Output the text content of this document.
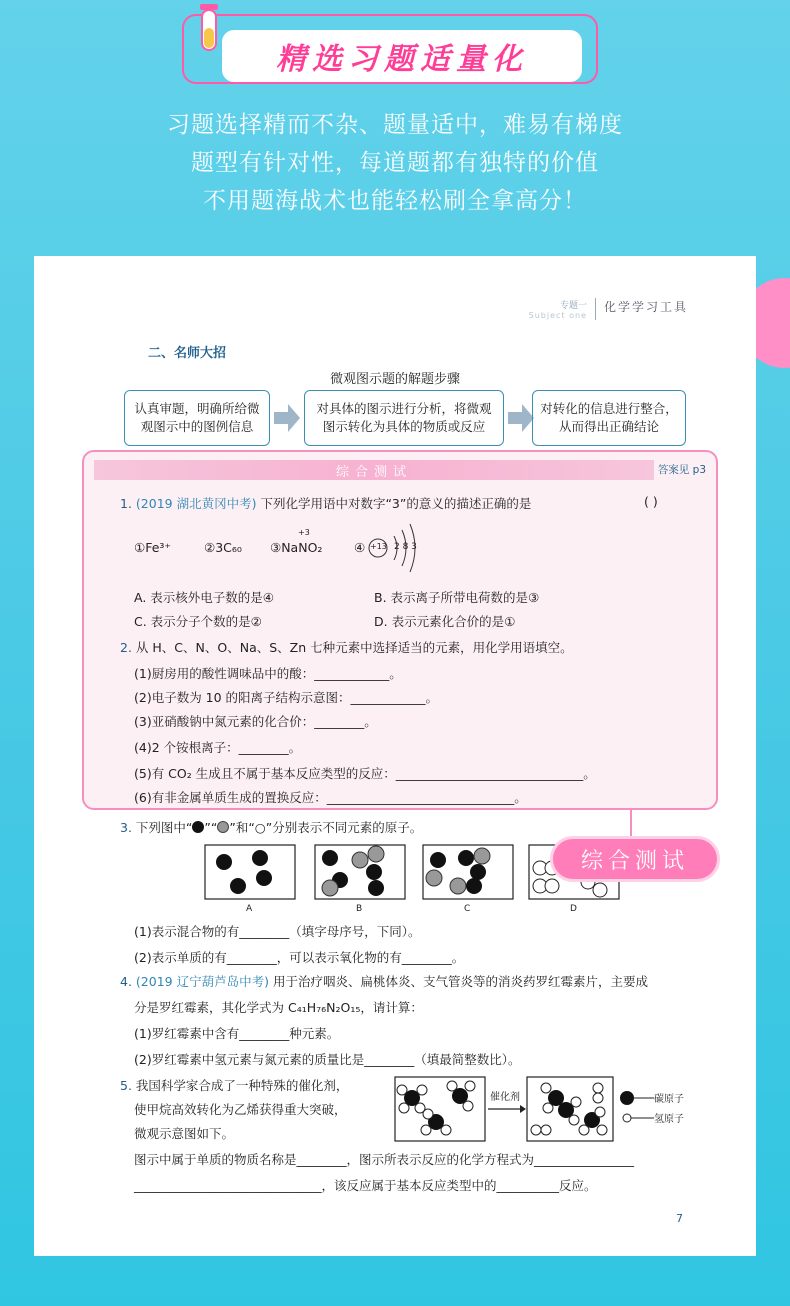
精选习题适量化
习题选择精而不杂、题量适中，难易有梯度
题型有针对性，每道题都有独特的价值
不用题海战术也能轻松刷全拿高分！
专题一
Subject one
化学学习工具
二、名师大招
微观图示题的解题步骤
认真审题，明确所给微观图示中的图例信息
对具体的图示进行分析，将微观图示转化为具体的物质或反应
对转化的信息进行整合，从而得出正确结论
综合测试	答案见 p3
1. (2019 湖北黄冈中考) 下列化学用语中对数字“3”的意义的描述正确的是	( )
①Fe³⁺	②3C₆₀ ③NaNO₂
+3
④ +13 2 8 3
A. 表示核外电子数的是④	B. 表示离子所带电荷数的是③
C. 表示分子个数的是②	D. 表示元素化合价的是①
2. 从 H、C、N、O、Na、S、Zn 七种元素中选择适当的元素，用化学用语填空。
(1)厨房用的酸性调味品中的酸：____________。
(2)电子数为 10 的阳离子结构示意图：____________。
(3)亚硝酸钠中氮元素的化合价：________。
(4)2 个铵根离子：________。
(5)有 CO₂ 生成且不属于基本反应类型的反应：______________________________。
(6)有非金属单质生成的置换反应：______________________________。
3. 下列图中“ ”“ ”和“○”分别表示不同元素的原子。
A	B	C	D
(1)表示混合物的有________（填字母序号，下同）。
(2)表示单质的有________，可以表示氧化物的有________。
4. (2019 辽宁葫芦岛中考) 用于治疗咽炎、扁桃体炎、支气管炎等的消炎药罗红霉素片，主要成
分是罗红霉素，其化学式为 C₄₁H₇₆N₂O₁₅，请计算：
(1)罗红霉素中含有________种元素。
(2)罗红霉素中氢元素与氮元素的质量比是________（填最简整数比）。
5. 我国科学家合成了一种特殊的催化剂，
使甲烷高效转化为乙烯获得重大突破，
微观示意图如下。
催化剂	碳原子
氢原子
图示中属于单质的物质名称是________，图示所表示反应的化学方程式为________________
______________________________，该反应属于基本反应类型中的__________反应。
7
综合测试
